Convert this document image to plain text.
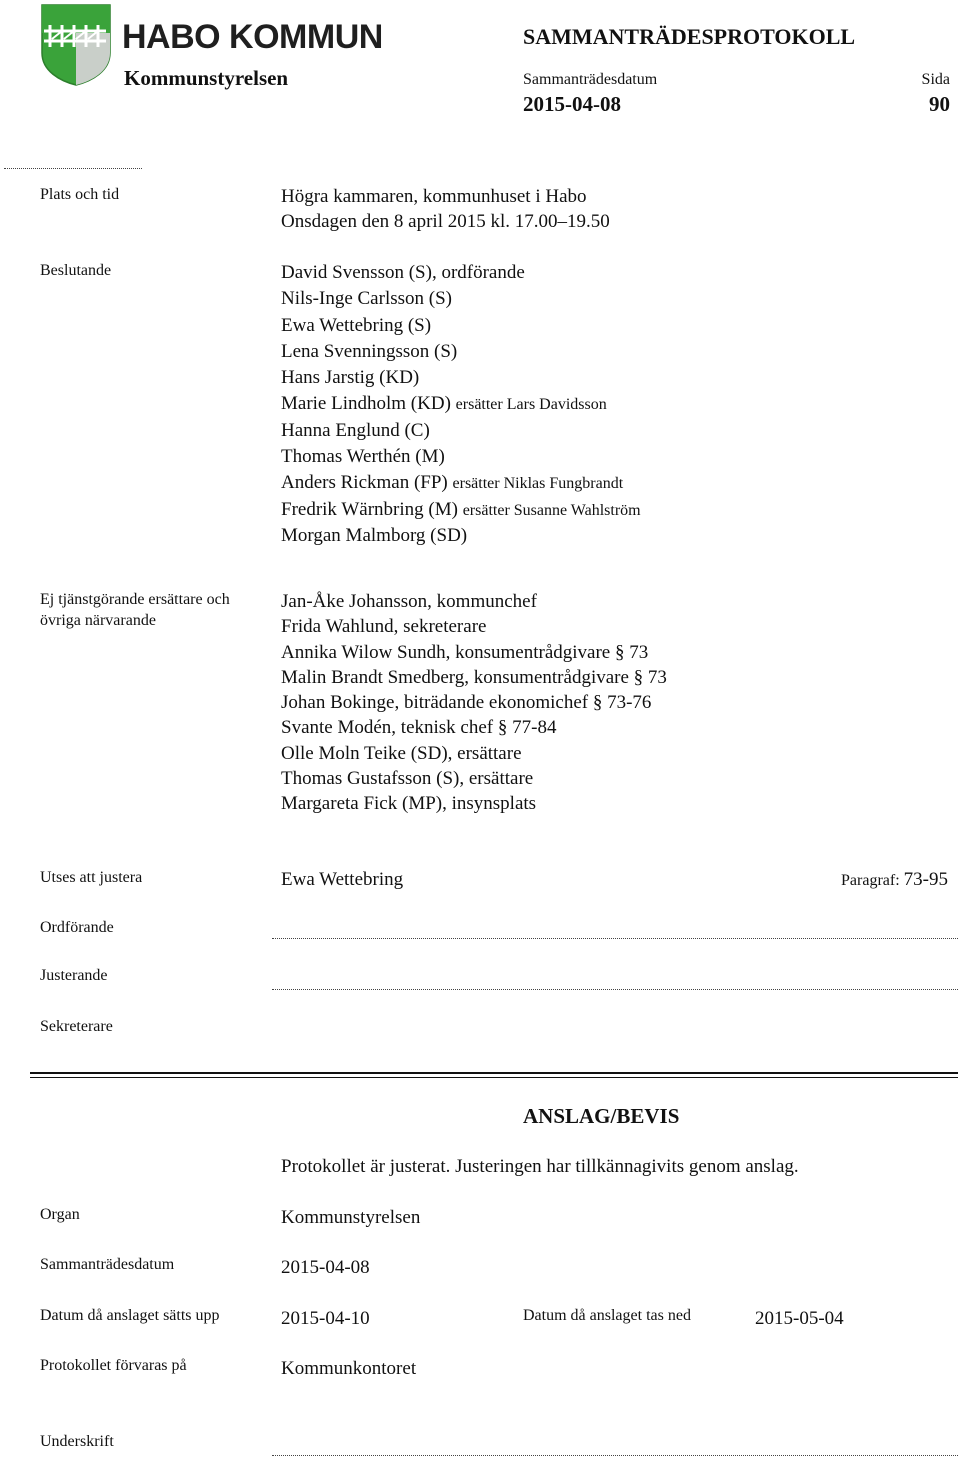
HABO KOMMUN
Kommunstyrelsen
SAMMANTRÄDESPROTOKOLL
Sammanträdesdatum
2015-04-08
Sida
90
Plats och tid	Högra kammaren, kommunhuset i Habo
Onsdagen den 8 april 2015 kl. 17.00–19.50
Beslutande	David Svensson (S), ordförande
Nils-Inge Carlsson (S)
Ewa Wettebring (S)
Lena Svenningsson (S)
Hans Jarstig (KD)
Marie Lindholm (KD) ersätter Lars Davidsson
Hanna Englund (C)
Thomas Werthén (M)
Anders Rickman (FP) ersätter Niklas Fungbrandt
Fredrik Wärnbring (M) ersätter Susanne Wahlström
Morgan Malmborg (SD)
Ej tjänstgörande ersättare och
övriga närvarande
Jan-Åke Johansson, kommunchef
Frida Wahlund, sekreterare
Annika Wilow Sundh, konsumentrådgivare § 73
Malin Brandt Smedberg, konsumentrådgivare § 73
Johan Bokinge, biträdande ekonomichef § 73-76
Svante Modén, teknisk chef § 77-84
Olle Moln Teike (SD), ersättare
Thomas Gustafsson (S), ersättare
Margareta Fick (MP), insynsplats
Utses att justera	Ewa Wettebring	Paragraf: 73-95
Ordförande
Justerande
Sekreterare
ANSLAG/BEVIS
Protokollet är justerat. Justeringen har tillkännagivits genom anslag.
Organ	Kommunstyrelsen
Sammanträdesdatum	2015-04-08
Datum då anslaget sätts upp	2015-04-10	Datum då anslaget tas ned	2015-05-04
Protokollet förvaras på	Kommunkontoret
Underskrift
